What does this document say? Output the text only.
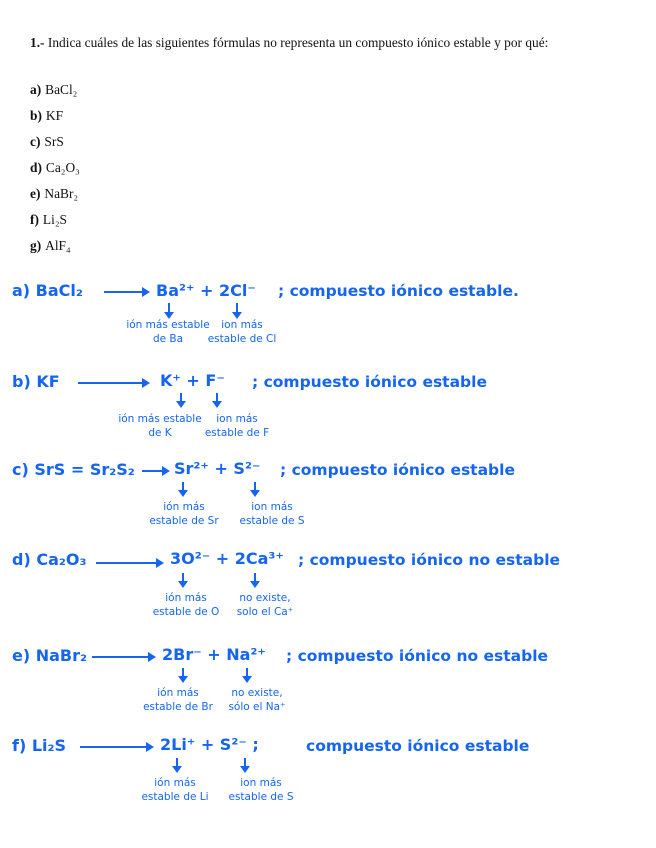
1.- Indica cuáles de las siguientes fórmulas no representa un compuesto iónico estable y por qué:
a) BaCl₂
b) KF
c) SrS
d) Ca₂O₃
e) NaBr₂
f) Li₂S
g) AlF₄
a) BaCl₂ → Ba²⁺ + 2Cl⁻ ; compuesto iónico estable.
ión más estable de Ba
ion más estable de Cl
b) KF	K⁺ + F⁻ ; compuesto iónico estable
ión más estable de K
ion más estable de F
c) SrS = Sr₂S₂ → Sr²⁺ + S²⁻ ; compuesto iónico estable
ión más estable de Sr
ion más estable de S
d) Ca₂O₃	3O²⁻ + 2Ca³⁺ ; compuesto iónico no estable
ión más estable de O
no existe, solo el Ca⁺
e) NaBr₂ → 2Br⁻ + Na²⁺ ; compuesto iónico no estable
ión más estable de Br
no existe, sólo el Na⁺
f) Li₂S	2Li⁺ + S²⁻ ;	compuesto iónico estable
ión más estable de Li
ion más estable de S
